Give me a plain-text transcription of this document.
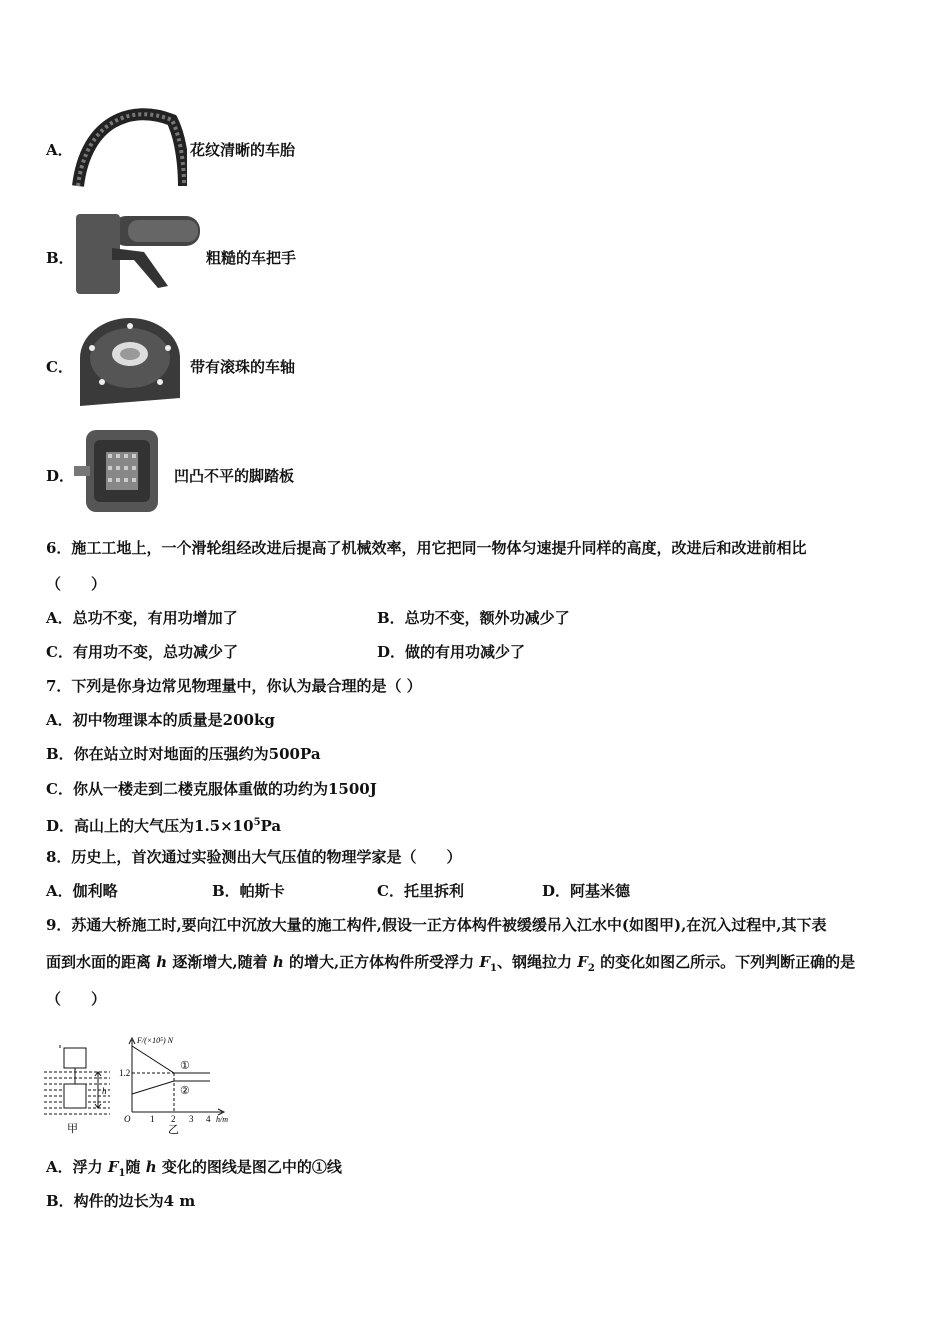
A．	花纹清晰的车胎
B．	粗糙的车把手
C．	带有滚珠的车轴
D．	凹凸不平的脚踏板
6．施工工地上，一个滑轮组经改进后提高了机械效率，用它把同一物体匀速提升同样的高度，改进后和改进前相比
（　　）
A．总功不变，有用功增加了	B．总功不变，额外功减少了
C．有用功不变，总功减少了	D．做的有用功减少了
7．下列是你身边常见物理量中，你认为最合理的是（ ）
A．初中物理课本的质量是200kg
B．你在站立时对地面的压强约为500Pa
C．你从一楼走到二楼克服体重做的功约为1500J
D．高山上的大气压为$1.5\times 10^5Pa$
8．历史上，首次通过实验测出大气压值的物理学家是（　　）
A．伽利略	B．帕斯卡	C．托里拆利	D．阿基米德
9．苏通大桥施工时,要向江中沉放大量的施工构件,假设一正方体构件被缓缓吊入江水中(如图甲),在沉入过程中,其下表
面到水面的距离 h 逐渐增大,随着 h 的增大,正方体构件所受浮力 $F_1$、钢绳拉力 $F_2$ 的变化如图乙所示。下列判断正确的是
（　　）
h
甲
F/(×10⁵) N
1.2
①
②
O 1 2 3 4 h/m
乙
A．浮力 $F_1$随 h 变化的图线是图乙中的①线
B．构件的边长为4 m
